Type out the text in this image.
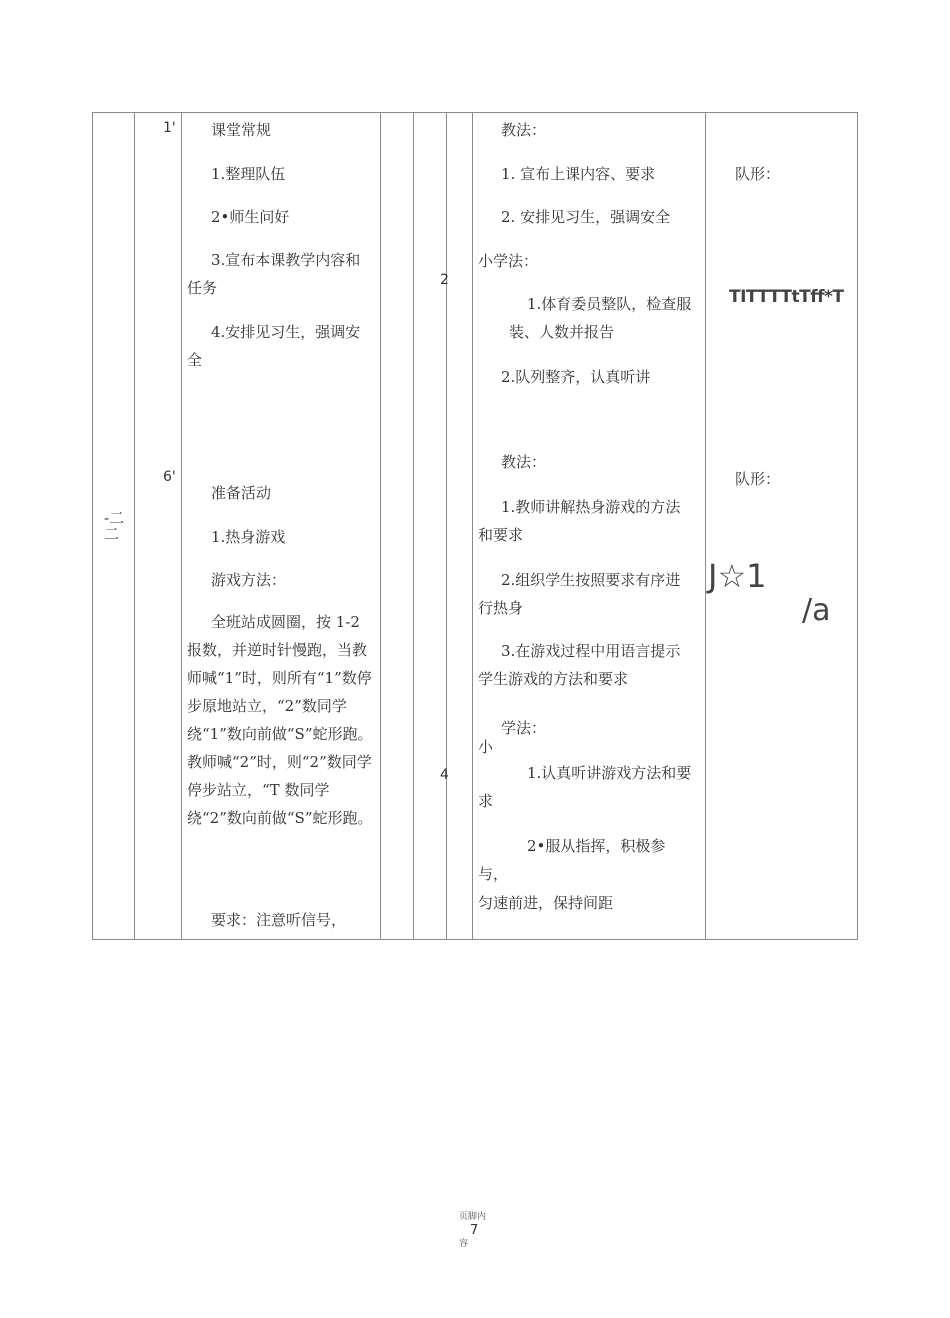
-二二
1'
6'
课堂常规
1.整理队伍
2•师生问好
3.宣布本课教学内容和任务
4.安排见习生，强调安全
准备活动
1.热身游戏
游戏方法：
全班站成圆圈，按 1-2 报数，并逆时针慢跑，当教师喊“1”时，则所有“1”数停步原地站立，“2”数同学绕“1”数向前做“S”蛇形跑。教师喊“2”时，则“2”数同学停步站立，“T 数同学绕“2”数向前做“S”蛇形跑。
要求：注意听信号，
2
4
教法：
1. 宣布上课内容、要求
2. 安排见习生，强调安全
小学法：
1.体育委员整队，检查服装、人数并报告
2.队列整齐，认真听讲
教法：
1.教师讲解热身游戏的方法和要求
2.组织学生按照要求有序进行热身
3.在游戏过程中用语言提示学生游戏的方法和要求
学法：
小
1.认真听讲游戏方法和要求
2•服从指挥，积极参与，
匀速前进，保持间距
队形：
TITTTTtTff*T
队形：
J☆1
/a
页脚内
7
容
